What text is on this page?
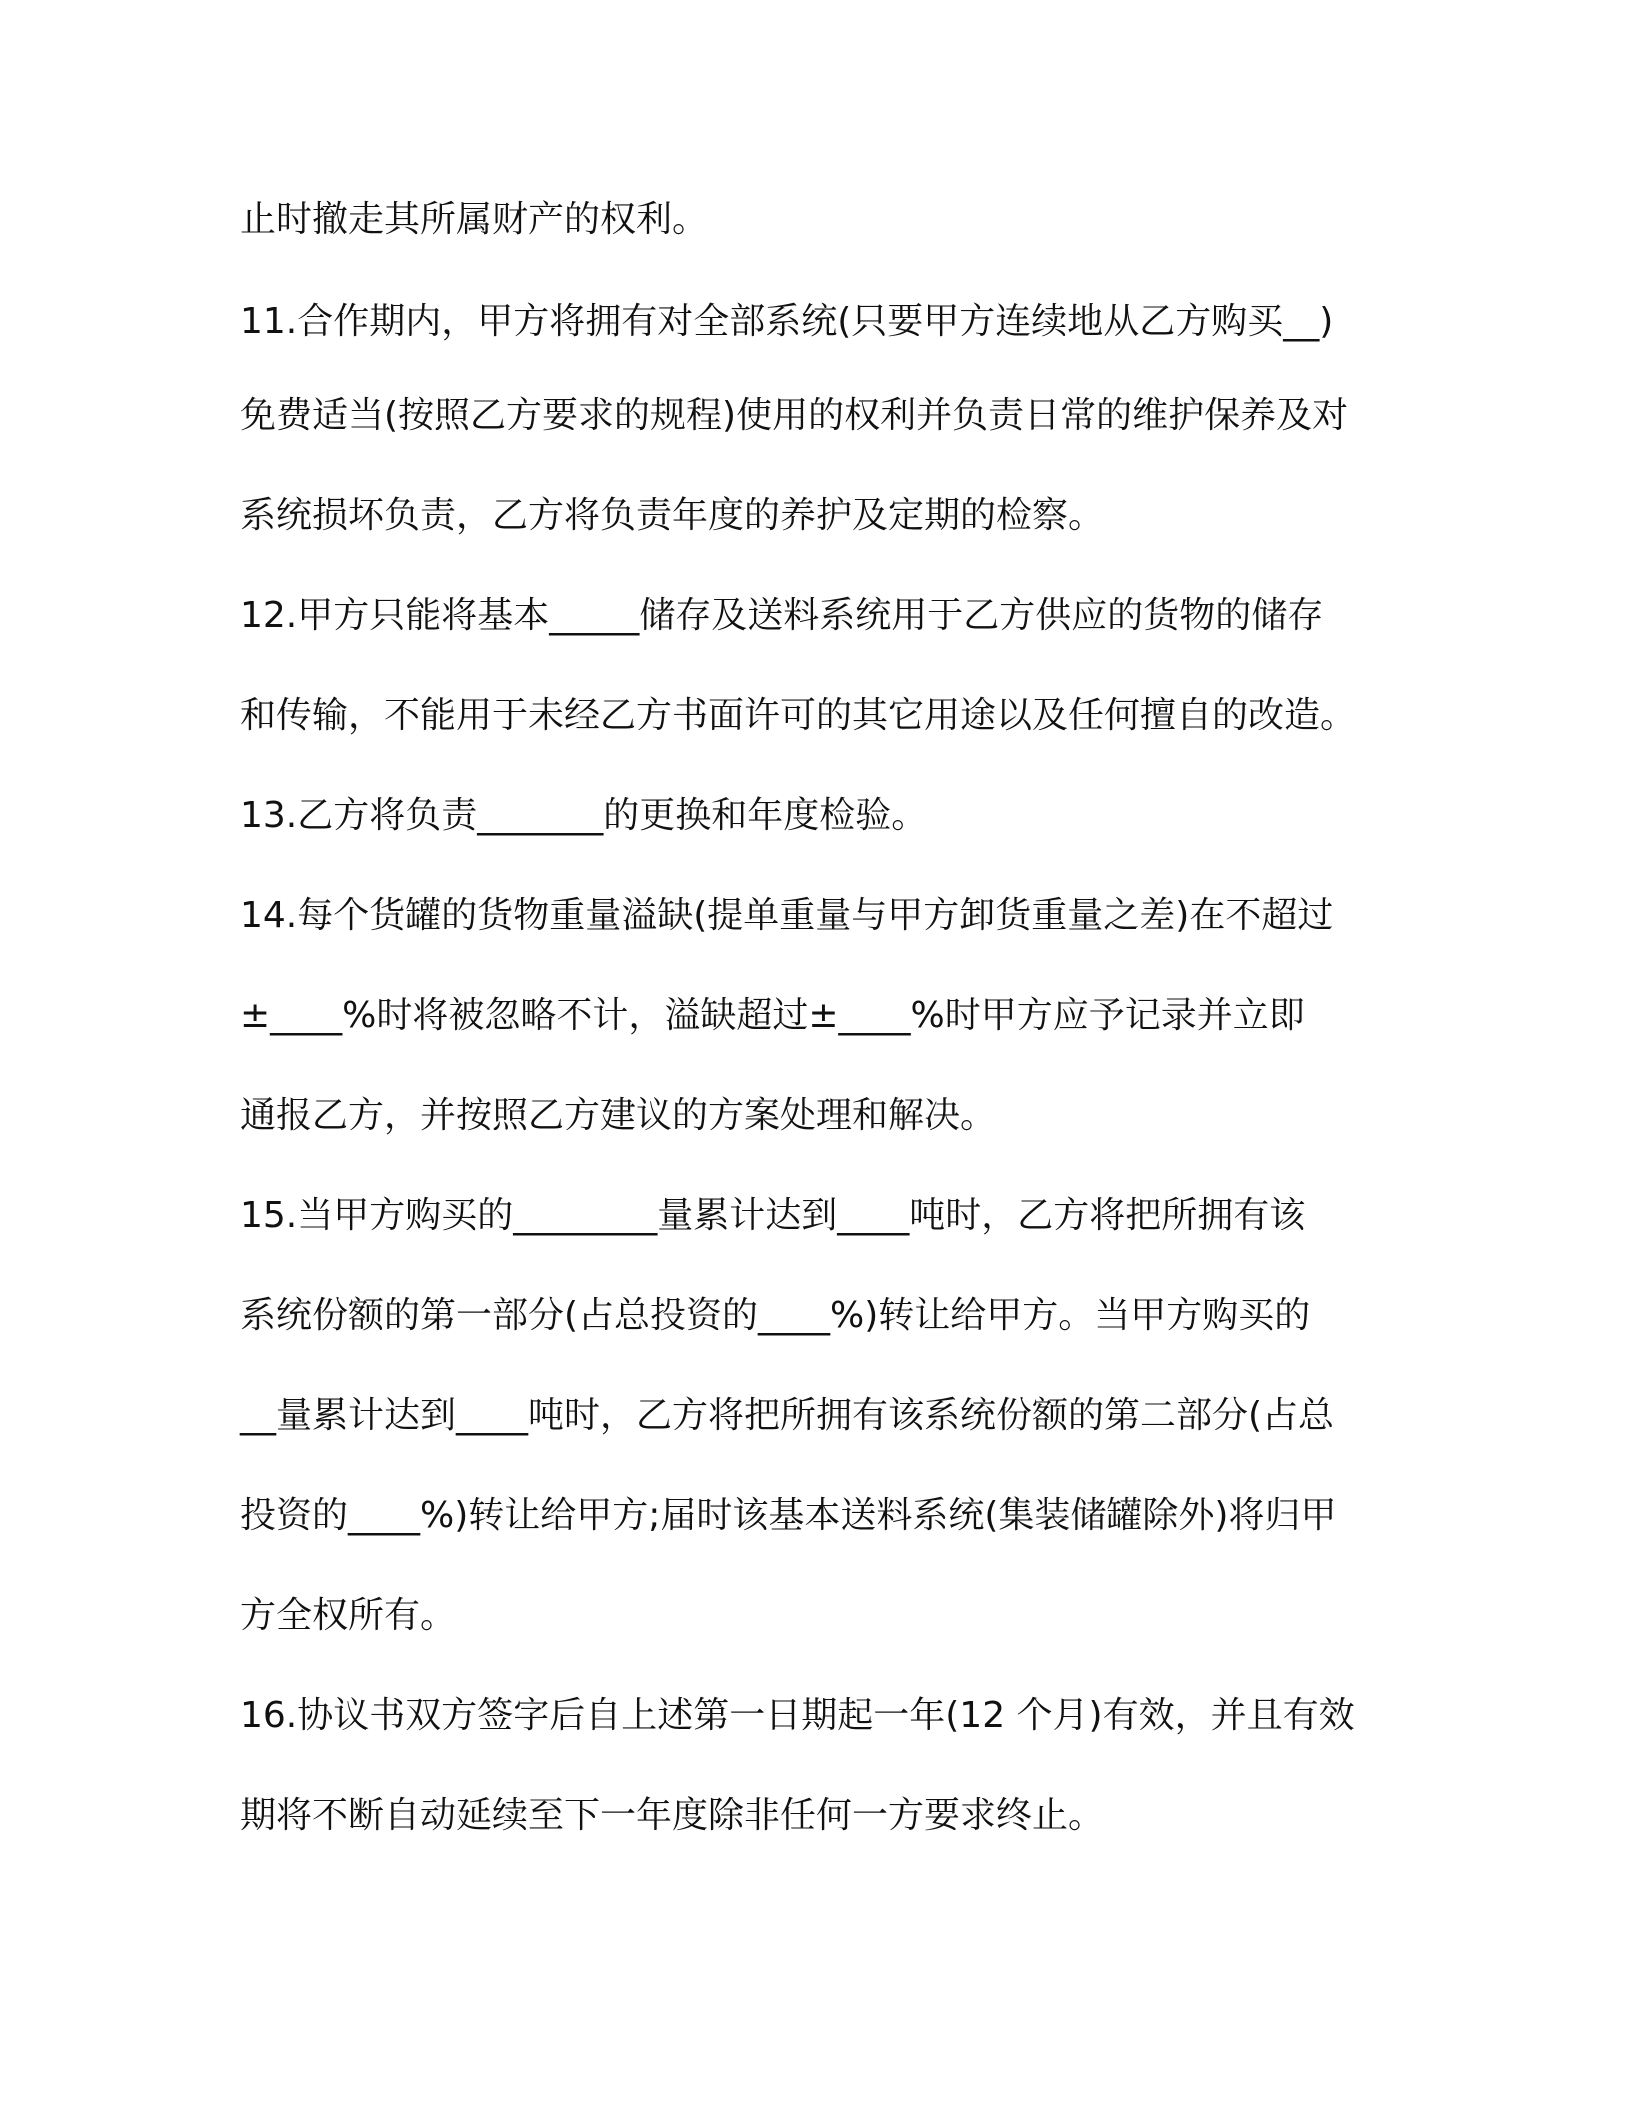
止时撤走其所属财产的权利。

11.合作期内，甲方将拥有对全部系统(只要甲方连续地从乙方购买__)

免费适当(按照乙方要求的规程)使用的权利并负责日常的维护保养及对

系统损坏负责，乙方将负责年度的养护及定期的检察。

12.甲方只能将基本_____储存及送料系统用于乙方供应的货物的储存

和传输，不能用于未经乙方书面许可的其它用途以及任何擅自的改造。

13.乙方将负责_______的更换和年度检验。

14.每个货罐的货物重量溢缺(提单重量与甲方卸货重量之差)在不超过

±____%时将被忽略不计，溢缺超过±____%时甲方应予记录并立即

通报乙方，并按照乙方建议的方案处理和解决。

15.当甲方购买的________量累计达到____吨时，乙方将把所拥有该

系统份额的第一部分(占总投资的____%)转让给甲方。当甲方购买的

__量累计达到____吨时，乙方将把所拥有该系统份额的第二部分(占总

投资的____%)转让给甲方;届时该基本送料系统(集装储罐除外)将归甲

方全权所有。

16.协议书双方签字后自上述第一日期起一年(12 个月)有效，并且有效

期将不断自动延续至下一年度除非任何一方要求终止。
